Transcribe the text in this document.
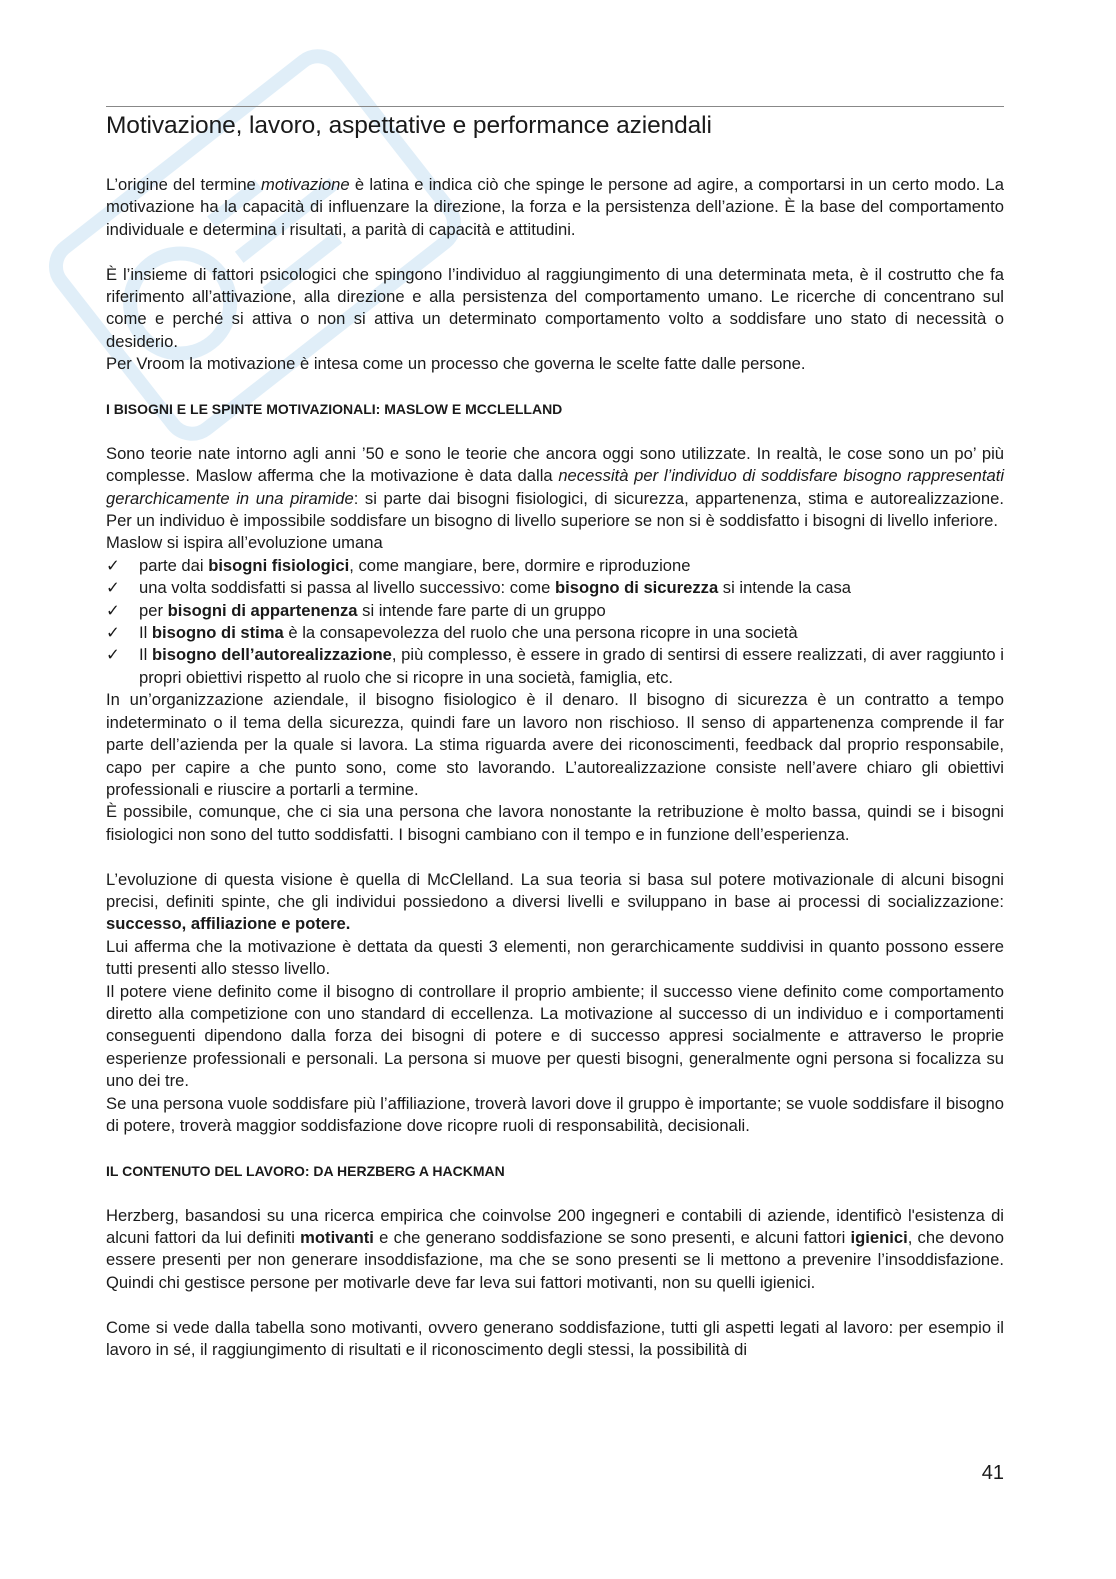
Motivazione, lavoro, aspettative e performance aziendali

L’origine del termine motivazione è latina e indica ciò che spinge le persone ad agire, a comportarsi in un certo modo. La motivazione ha la capacità di influenzare la direzione, la forza e la persistenza dell’azione. È la base del comportamento individuale e determina i risultati, a parità di capacità e attitudini.

È l’insieme di fattori psicologici che spingono l’individuo al raggiungimento di una determinata meta, è il costrutto che fa riferimento all’attivazione, alla direzione e alla persistenza del comportamento umano. Le ricerche di concentrano sul come e perché si attiva o non si attiva un determinato comportamento volto a soddisfare uno stato di necessità o desiderio.

Per Vroom la motivazione è intesa come un processo che governa le scelte fatte dalle persone.

I BISOGNI E LE SPINTE MOTIVAZIONALI: MASLOW E MCCLELLAND

Sono teorie nate intorno agli anni ’50 e sono le teorie che ancora oggi sono utilizzate. In realtà, le cose sono un po’ più complesse. Maslow afferma che la motivazione è data dalla necessità per l’individuo di soddisfare bisogno rappresentati gerarchicamente in una piramide: si parte dai bisogni fisiologici, di sicurezza, appartenenza, stima e autorealizzazione. Per un individuo è impossibile soddisfare un bisogno di livello superiore se non si è soddisfatto i bisogni di livello inferiore.

Maslow si ispira all’evoluzione umana

✓ parte dai bisogni fisiologici, come mangiare, bere, dormire e riproduzione
✓ una volta soddisfatti si passa al livello successivo: come bisogno di sicurezza si intende la casa
✓ per bisogni di appartenenza si intende fare parte di un gruppo
✓ Il bisogno di stima è la consapevolezza del ruolo che una persona ricopre in una società
✓ Il bisogno dell’autorealizzazione, più complesso, è essere in grado di sentirsi di essere realizzati, di aver raggiunto i propri obiettivi rispetto al ruolo che si ricopre in una società, famiglia, etc.

In un’organizzazione aziendale, il bisogno fisiologico è il denaro. Il bisogno di sicurezza è un contratto a tempo indeterminato o il tema della sicurezza, quindi fare un lavoro non rischioso. Il senso di appartenenza comprende il far parte dell’azienda per la quale si lavora. La stima riguarda avere dei riconoscimenti, feedback dal proprio responsabile, capo per capire a che punto sono, come sto lavorando. L’autorealizzazione consiste nell’avere chiaro gli obiettivi professionali e riuscire a portarli a termine.

È possibile, comunque, che ci sia una persona che lavora nonostante la retribuzione è molto bassa, quindi se i bisogni fisiologici non sono del tutto soddisfatti. I bisogni cambiano con il tempo e in funzione dell’esperienza.

L’evoluzione di questa visione è quella di McClelland. La sua teoria si basa sul potere motivazionale di alcuni bisogni precisi, definiti spinte, che gli individui possiedono a diversi livelli e sviluppano in base ai processi di socializzazione: successo, affiliazione e potere.

Lui afferma che la motivazione è dettata da questi 3 elementi, non gerarchicamente suddivisi in quanto possono essere tutti presenti allo stesso livello.

Il potere viene definito come il bisogno di controllare il proprio ambiente; il successo viene definito come comportamento diretto alla competizione con uno standard di eccellenza. La motivazione al successo di un individuo e i comportamenti conseguenti dipendono dalla forza dei bisogni di potere e di successo appresi socialmente e attraverso le proprie esperienze professionali e personali. La persona si muove per questi bisogni, generalmente ogni persona si focalizza su uno dei tre.

Se una persona vuole soddisfare più l’affiliazione, troverà lavori dove il gruppo è importante; se vuole soddisfare il bisogno di potere, troverà maggior soddisfazione dove ricopre ruoli di responsabilità, decisionali.

IL CONTENUTO DEL LAVORO: DA HERZBERG A HACKMAN

Herzberg, basandosi su una ricerca empirica che coinvolse 200 ingegneri e contabili di aziende, identificò l'esistenza di alcuni fattori da lui definiti motivanti e che generano soddisfazione se sono presenti, e alcuni fattori igienici, che devono essere presenti per non generare insoddisfazione, ma che se sono presenti se li mettono a prevenire l’insoddisfazione. Quindi chi gestisce persone per motivarle deve far leva sui fattori motivanti, non su quelli igienici.

Come si vede dalla tabella sono motivanti, ovvero generano soddisfazione, tutti gli aspetti legati al lavoro: per esempio il lavoro in sé, il raggiungimento di risultati e il riconoscimento degli stessi, la possibilità di

41
